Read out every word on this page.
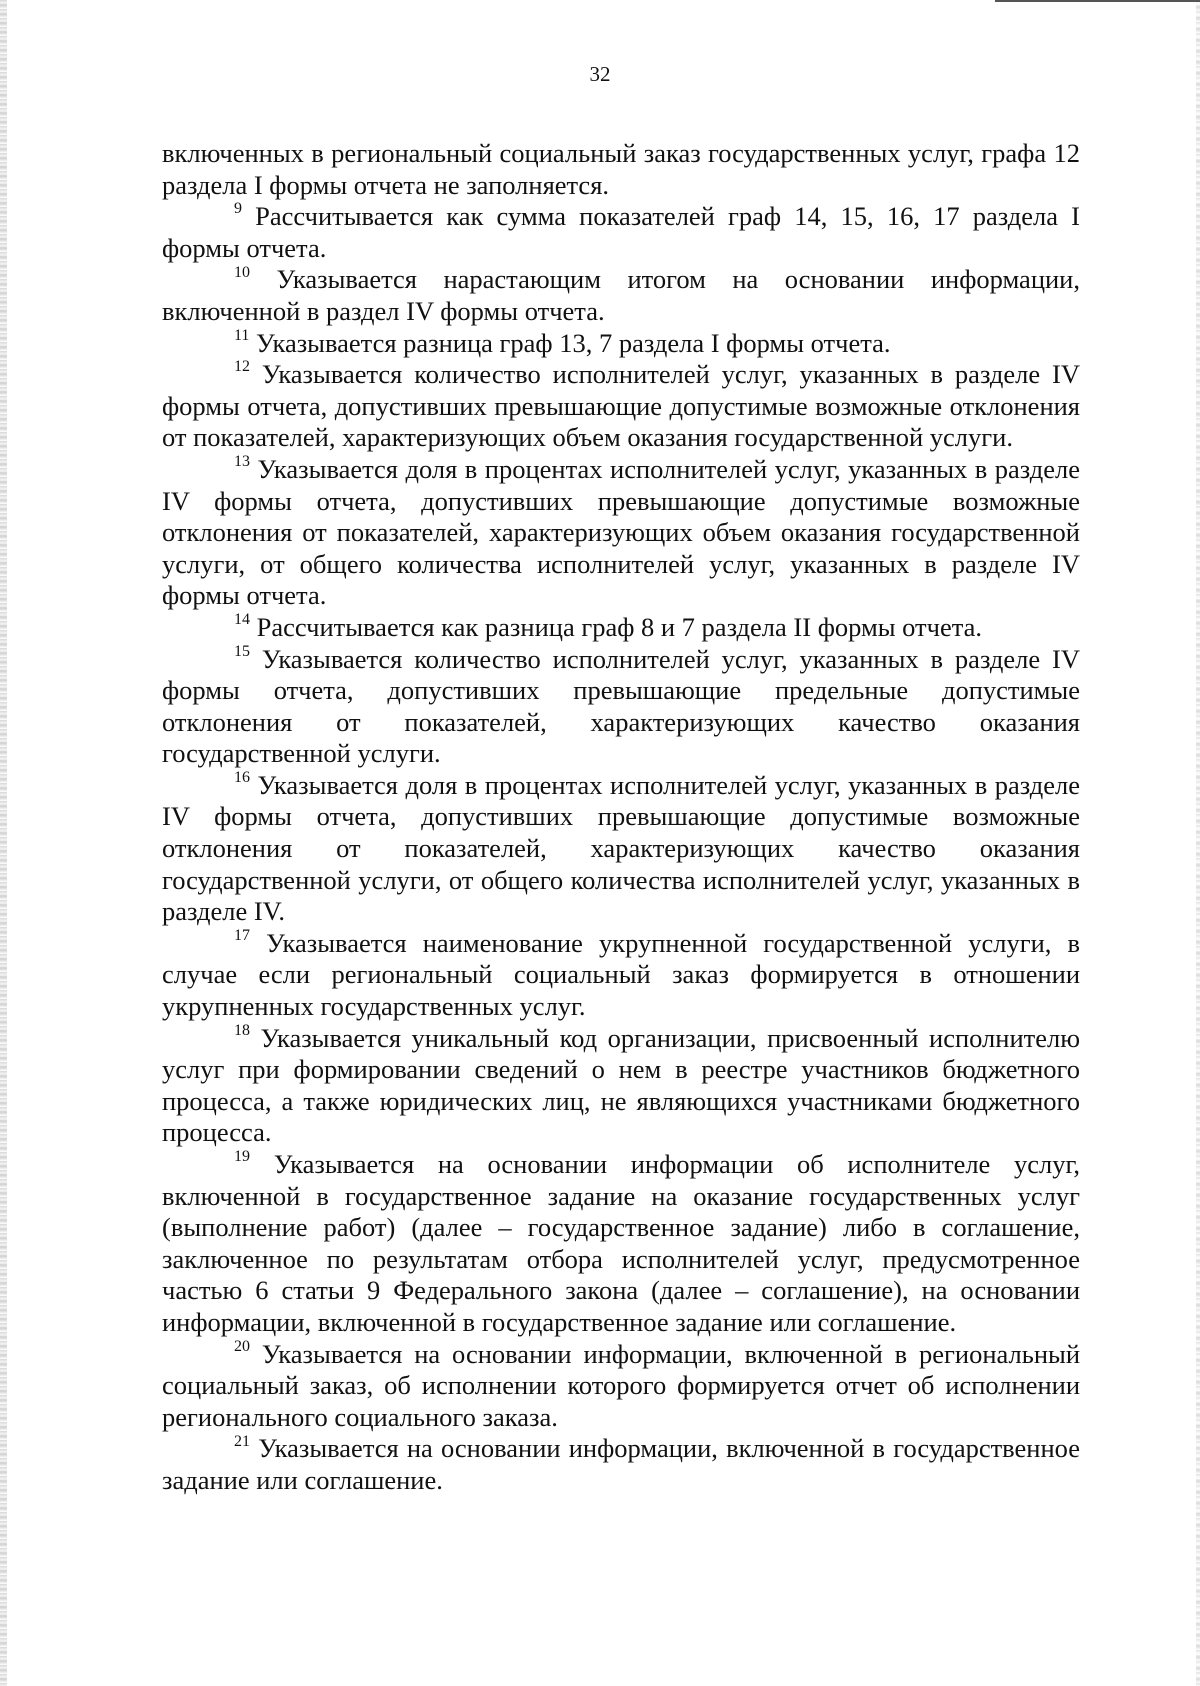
32

включенных в региональный социальный заказ государственных услуг, графа 12 раздела I формы отчета не заполняется.

$^9$ Рассчитывается как сумма показателей граф 14, 15, 16, 17 раздела I формы отчета.

$^{10}$ Указывается нарастающим итогом на основании информации, включенной в раздел IV формы отчета.

$^{11}$ Указывается разница граф 13, 7 раздела I формы отчета.

$^{12}$ Указывается количество исполнителей услуг, указанных в разделе IV формы отчета, допустивших превышающие допустимые возможные отклонения от показателей, характеризующих объем оказания государственной услуги.

$^{13}$ Указывается доля в процентах исполнителей услуг, указанных в разделе IV формы отчета, допустивших превышающие допустимые возможные отклонения от показателей, характеризующих объем оказания государственной услуги, от общего количества исполнителей услуг, указанных в разделе IV формы отчета.

$^{14}$ Рассчитывается как разница граф 8 и 7 раздела II формы отчета.

$^{15}$ Указывается количество исполнителей услуг, указанных в разделе IV формы отчета, допустивших превышающие предельные допустимые отклонения от показателей, характеризующих качество оказания государственной услуги.

$^{16}$ Указывается доля в процентах исполнителей услуг, указанных в разделе IV формы отчета, допустивших превышающие допустимые возможные отклонения от показателей, характеризующих качество оказания государственной услуги, от общего количества исполнителей услуг, указанных в разделе IV.

$^{17}$ Указывается наименование укрупненной государственной услуги, в случае если региональный социальный заказ формируется в отношении укрупненных государственных услуг.

$^{18}$ Указывается уникальный код организации, присвоенный исполнителю услуг при формировании сведений о нем в реестре участников бюджетного процесса, а также юридических лиц, не являющихся участниками бюджетного процесса.

$^{19}$ Указывается на основании информации об исполнителе услуг, включенной в государственное задание на оказание государственных услуг (выполнение работ) (далее – государственное задание) либо в соглашение, заключенное по результатам отбора исполнителей услуг, предусмотренное частью 6 статьи 9 Федерального закона (далее – соглашение), на основании информации, включенной в государственное задание или соглашение.

$^{20}$ Указывается на основании информации, включенной в региональный социальный заказ, об исполнении которого формируется отчет об исполнении регионального социального заказа.

$^{21}$ Указывается на основании информации, включенной в государственное задание или соглашение.
